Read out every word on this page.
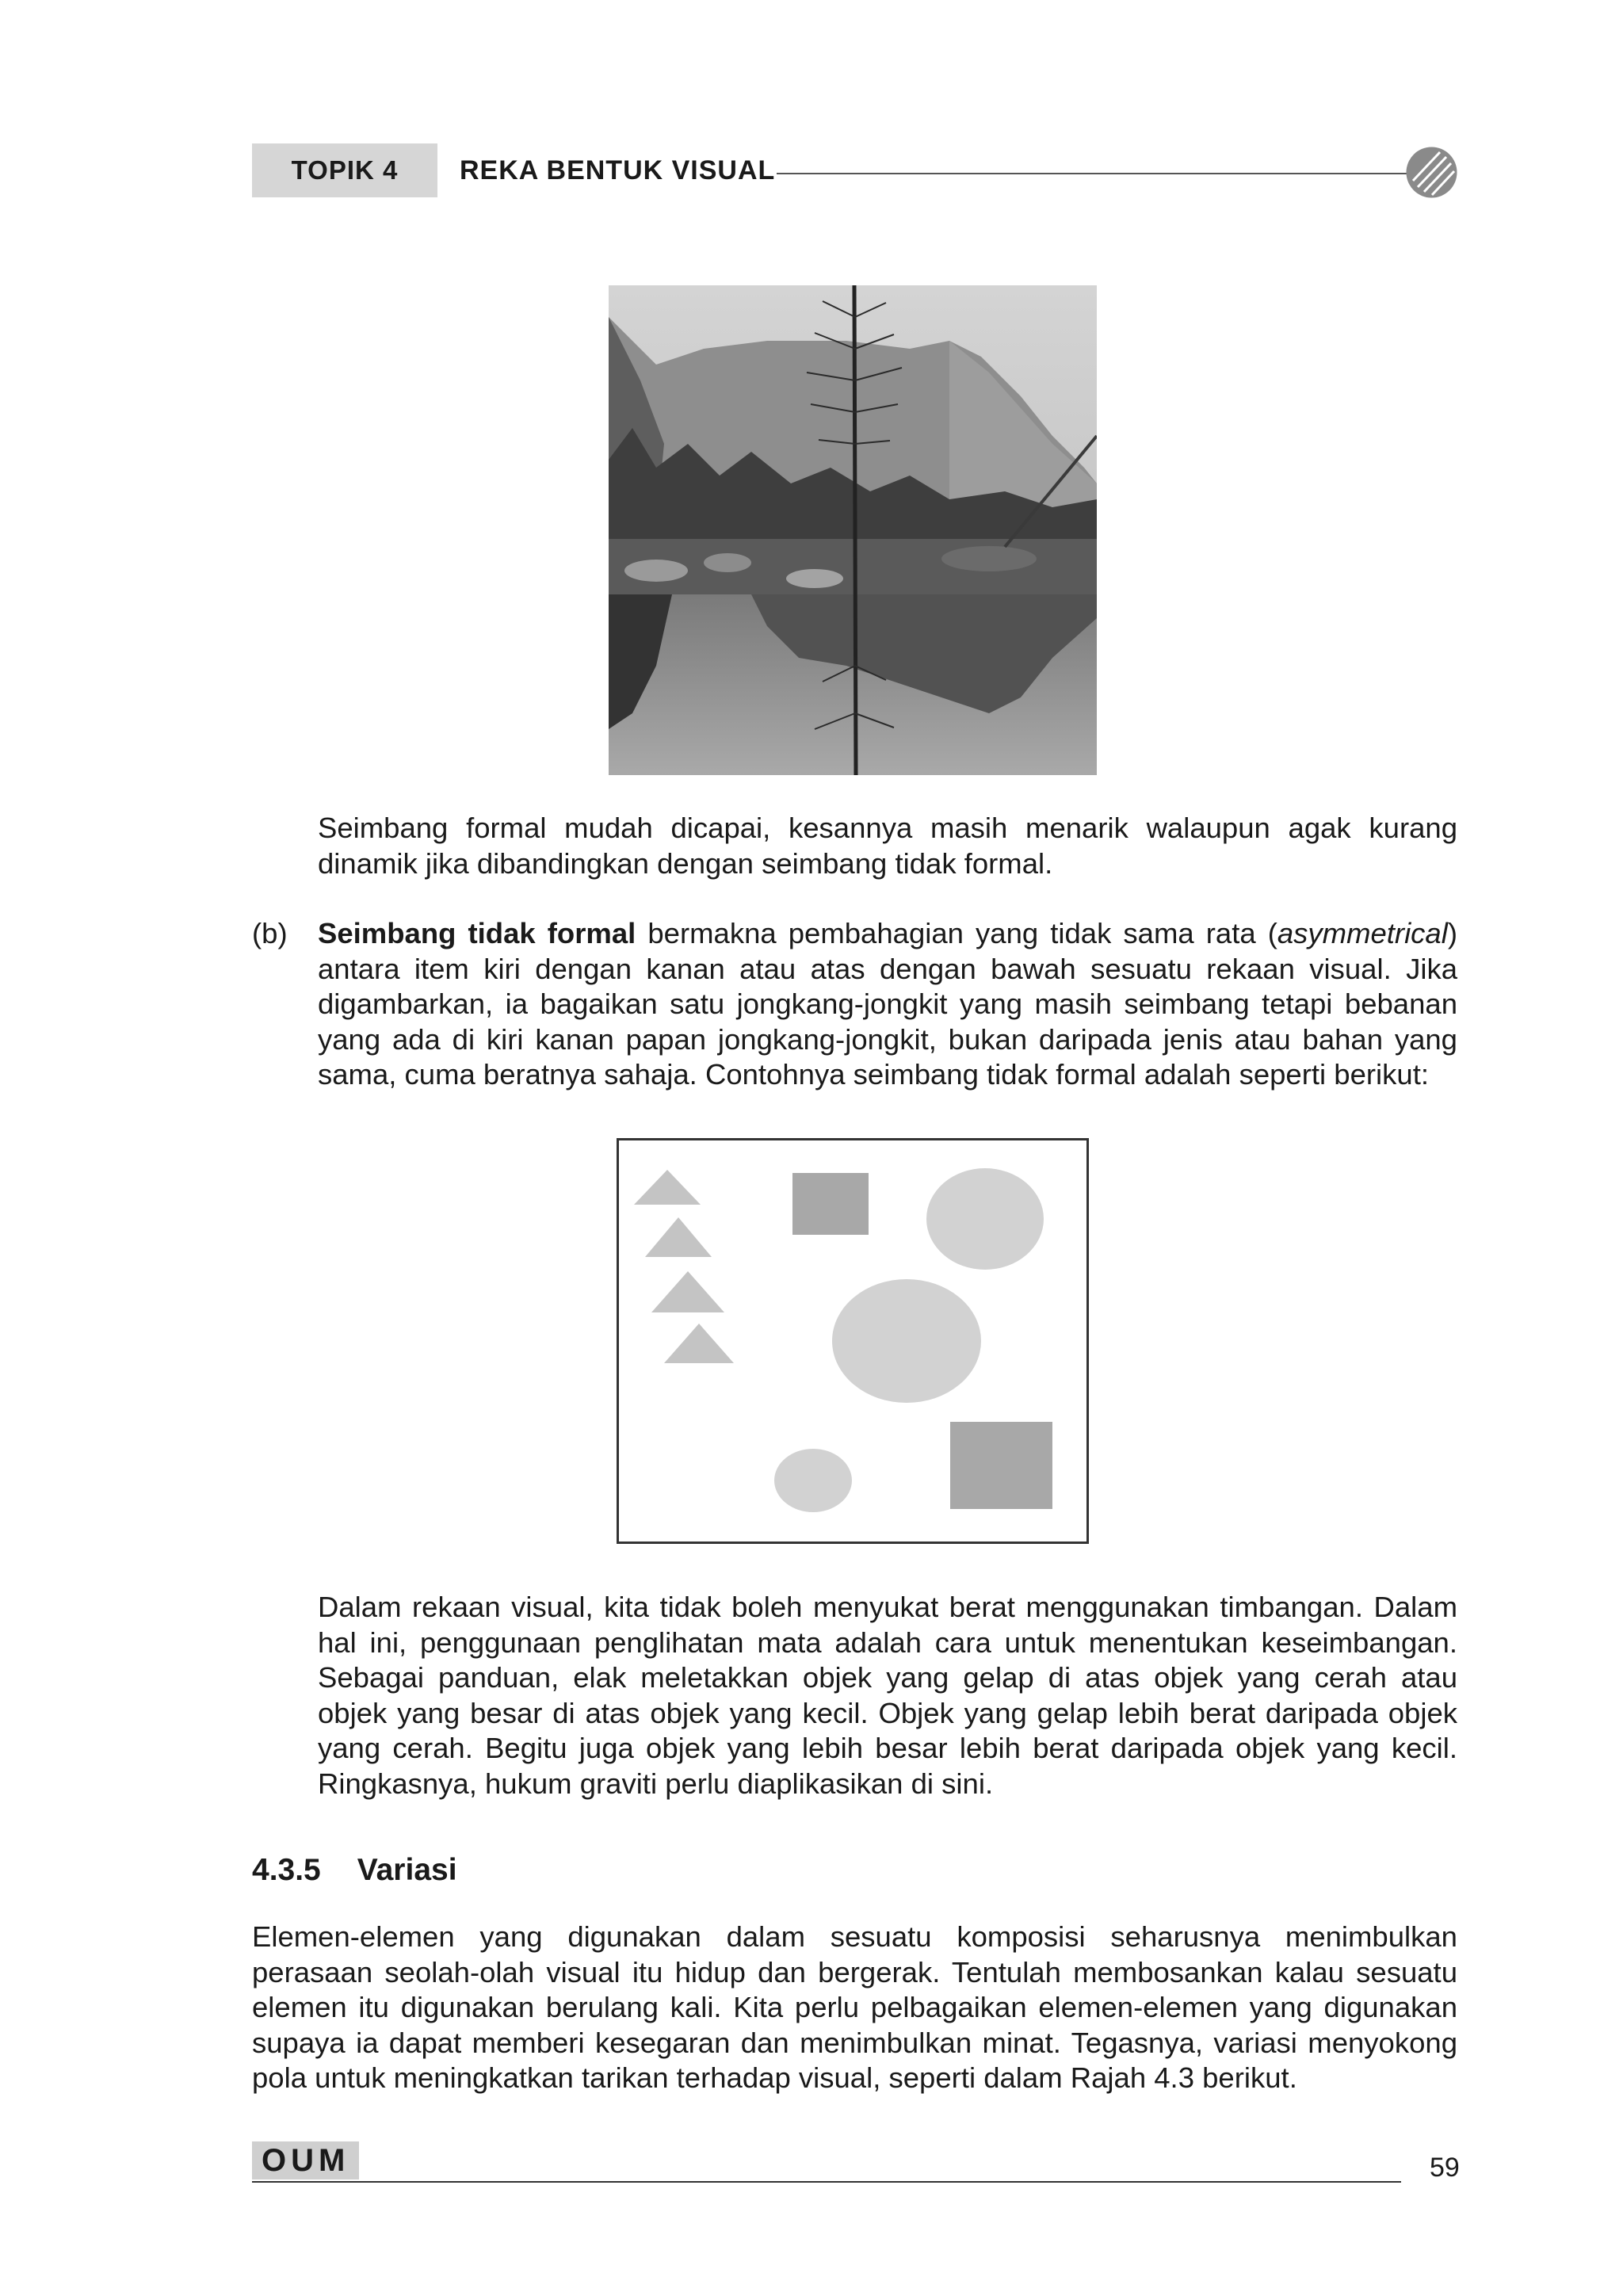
TOPIK 4	REKA BENTUK VISUAL

Seimbang formal mudah dicapai, kesannya masih menarik walaupun agak kurang dinamik jika dibandingkan dengan seimbang tidak formal.

(b) Seimbang tidak formal bermakna pembahagian yang tidak sama rata (asymmetrical) antara item kiri dengan kanan atau atas dengan bawah sesuatu rekaan visual. Jika digambarkan, ia bagaikan satu jongkang-jongkit yang masih seimbang tetapi bebanan yang ada di kiri kanan papan jongkang-jongkit, bukan daripada jenis atau bahan yang sama, cuma beratnya sahaja. Contohnya seimbang tidak formal adalah seperti berikut:

Dalam rekaan visual, kita tidak boleh menyukat berat menggunakan timbangan. Dalam hal ini, penggunaan penglihatan mata adalah cara untuk menentukan keseimbangan. Sebagai panduan, elak meletakkan objek yang gelap di atas objek yang cerah atau objek yang besar di atas objek yang kecil. Objek yang gelap lebih berat daripada objek yang cerah. Begitu juga objek yang lebih besar lebih berat daripada objek yang kecil. Ringkasnya, hukum graviti perlu diaplikasikan di sini.

4.3.5 Variasi

Elemen-elemen yang digunakan dalam sesuatu komposisi seharusnya menimbulkan perasaan seolah-olah visual itu hidup dan bergerak. Tentulah membosankan kalau sesuatu elemen itu digunakan berulang kali. Kita perlu pelbagaikan elemen-elemen yang digunakan supaya ia dapat memberi kesegaran dan menimbulkan minat. Tegasnya, variasi menyokong pola untuk meningkatkan tarikan terhadap visual, seperti dalam Rajah 4.3 berikut.

OUM	59
